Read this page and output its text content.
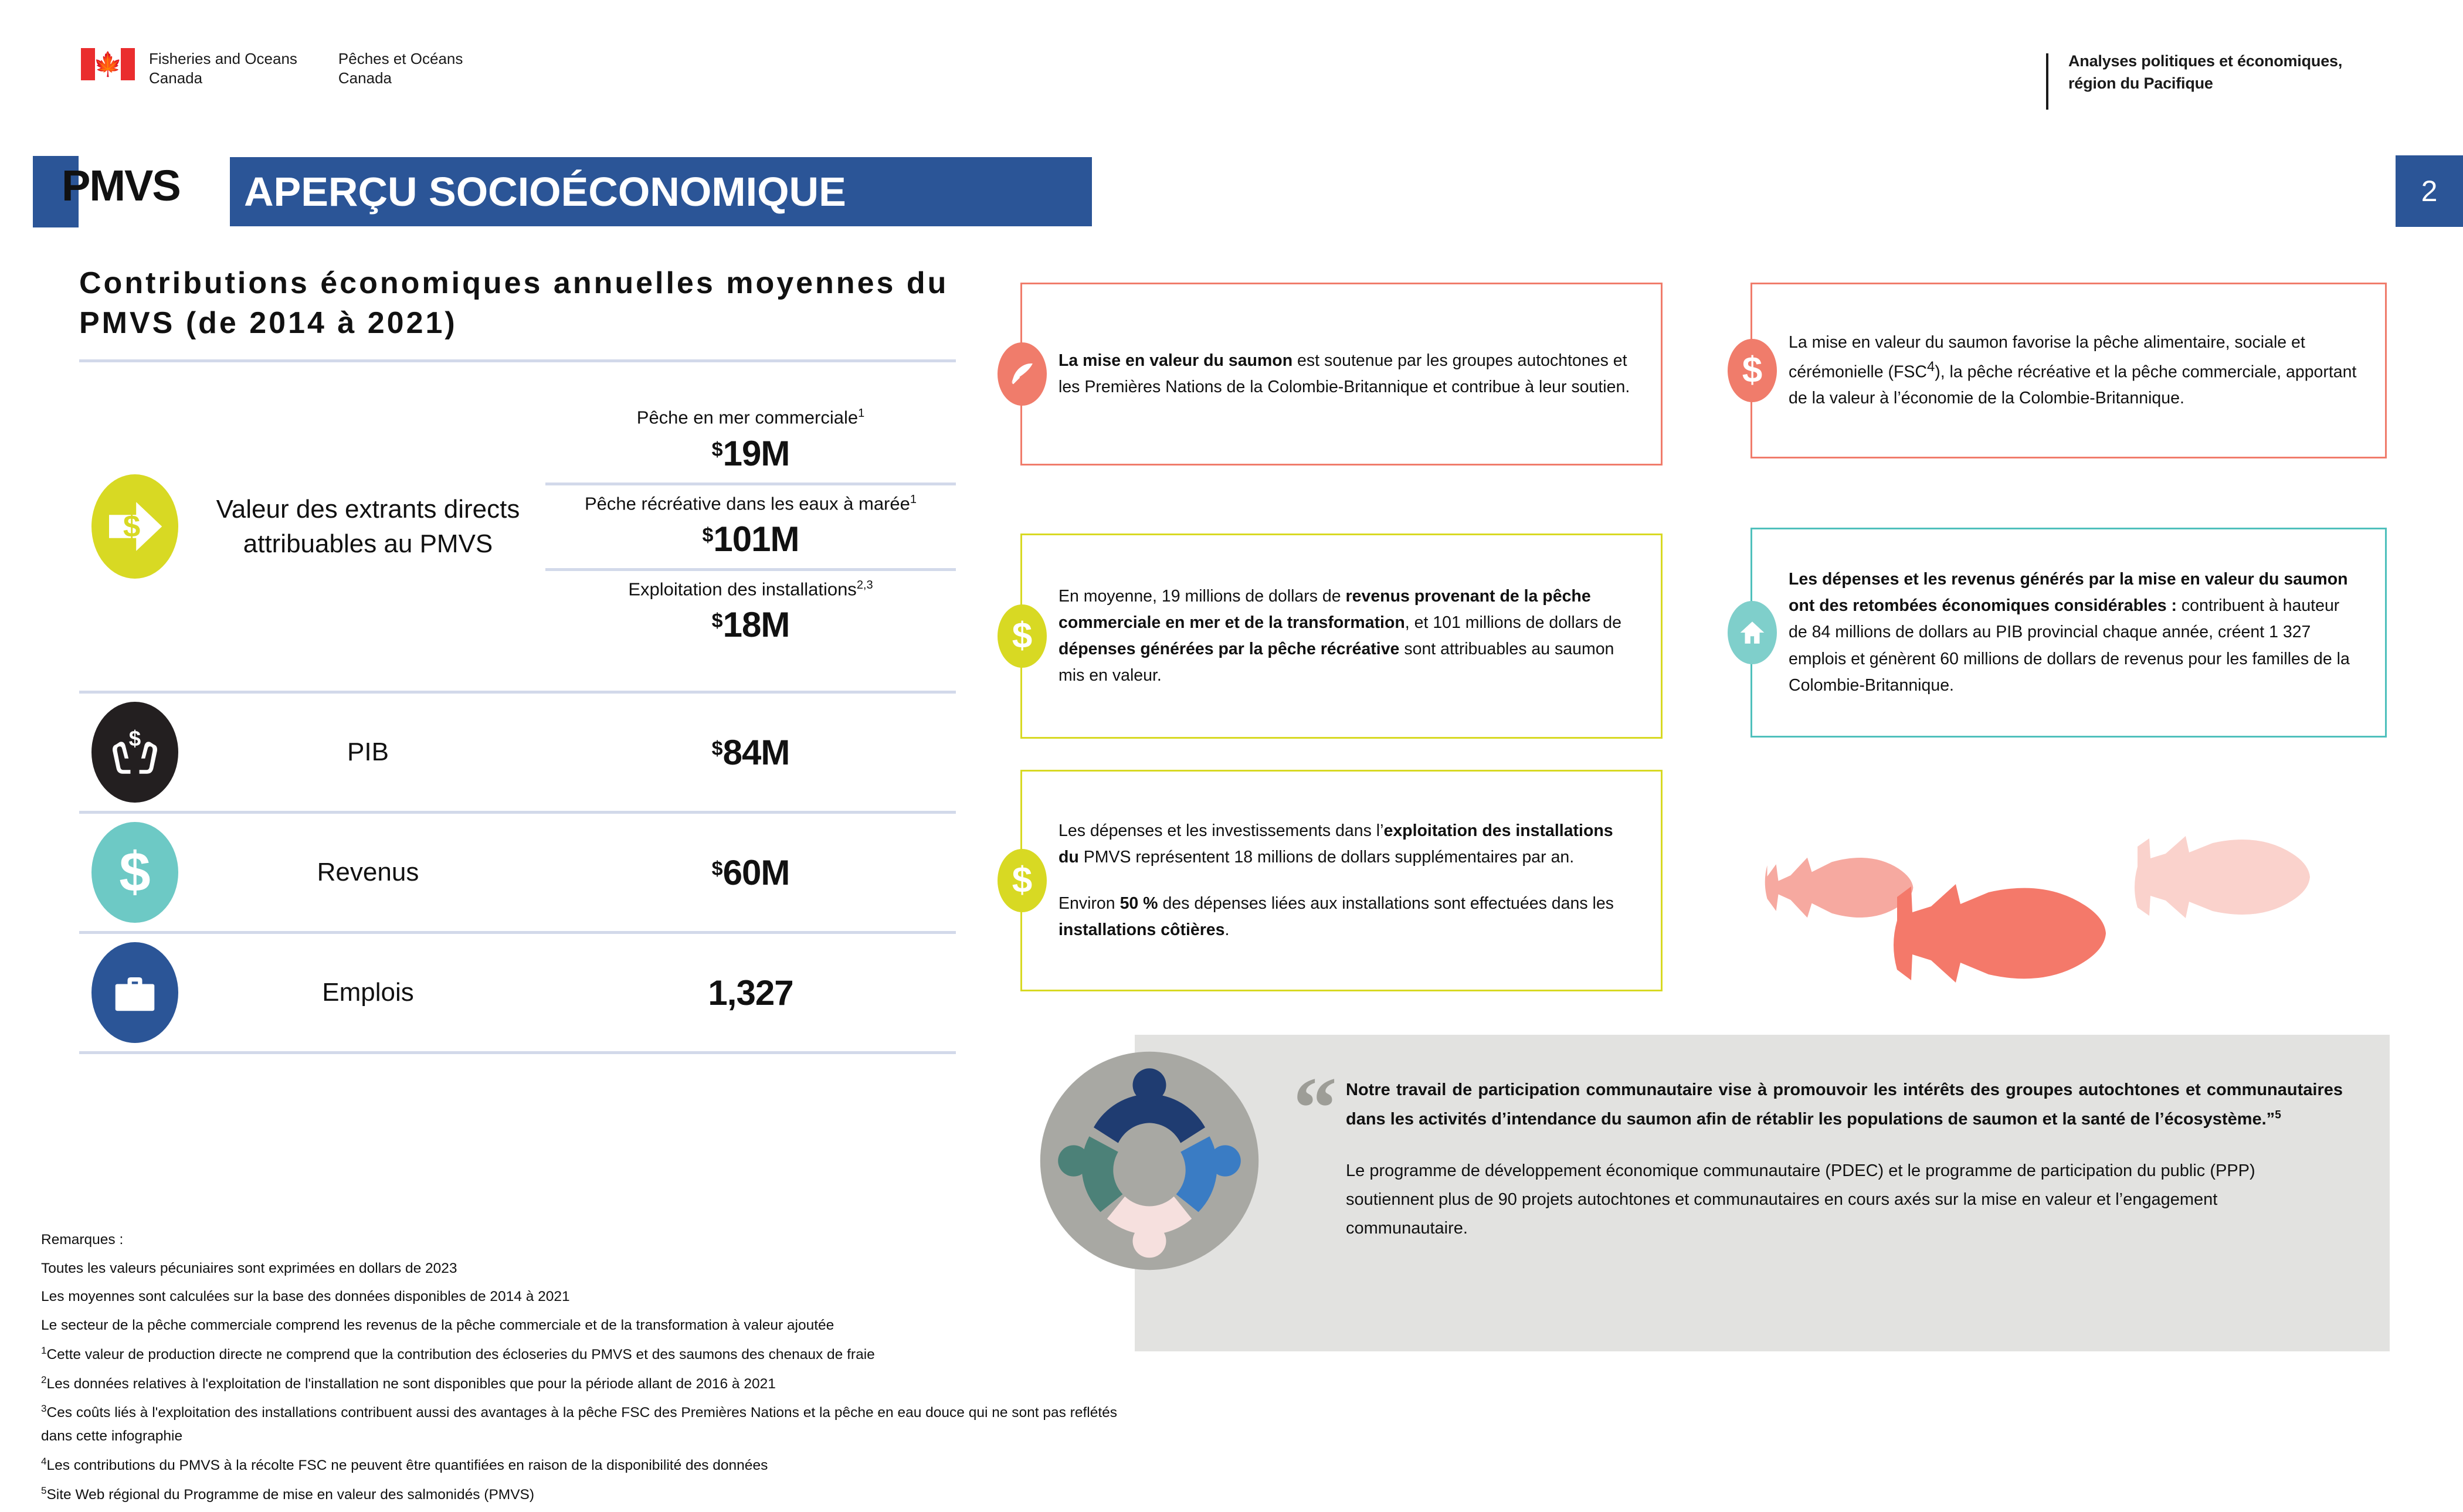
🍁 Fisheries and Oceans
Canada
Pêches et Océans
Canada
Analyses politiques et économiques, région du Pacifique
2
PMVS	APERÇU SOCIOÉCONOMIQUE
Contributions économiques annuelles moyennes du PMVS (de 2014 à 2021)
$
Valeur des extrants directs attribuables au PMVS
Pêche en mer commerciale$^1$
$19M
Pêche récréative dans les eaux à marée$^1$
$101M
Exploitation des installations$^{2,3}$
$18M
$	PIB	$84M
$	Revenus	$60M
Emplois	1,327
Remarques :
Toutes les valeurs pécuniaires sont exprimées en dollars de 2023
Les moyennes sont calculées sur la base des données disponibles de 2014 à 2021
Le secteur de la pêche commerciale comprend les revenus de la pêche commerciale et de la transformation à valeur ajoutée
$^1$Cette valeur de production directe ne comprend que la contribution des écloseries du PMVS et des saumons des chenaux de fraie
$^2$Les données relatives à l'exploitation de l'installation ne sont disponibles que pour la période allant de 2016 à 2021
$^3$Ces coûts liés à l'exploitation des installations contribuent aussi des avantages à la pêche FSC des Premières Nations et la pêche en eau douce qui ne sont pas reflétés dans cette infographie
$^4$Les contributions du PMVS à la récolte FSC ne peuvent être quantifiées en raison de la disponibilité des données
$^5$Site Web régional du Programme de mise en valeur des salmonidés (PMVS)
La mise en valeur du saumon est soutenue par les groupes autochtones et les Premières Nations de la Colombie-Britannique et contribue à leur soutien.
$
En moyenne, 19 millions de dollars de revenus provenant de la pêche commerciale en mer et de la transformation, et 101 millions de dollars de dépenses générées par la pêche récréative sont attribuables au saumon mis en valeur.
$

Les dépenses et les investissements dans l’exploitation des installations du PMVS représentent 18 millions de dollars supplémentaires par an.

Environ 50 % des dépenses liées aux installations sont effectuées dans les installations côtières.

$
La mise en valeur du saumon favorise la pêche alimentaire, sociale et cérémonielle (FSC$^4$), la pêche récréative et la pêche commerciale, apportant de la valeur à l’économie de la Colombie-Britannique.
Les dépenses et les revenus générés par la mise en valeur du saumon ont des retombées économiques considérables : contribuent à hauteur de 84 millions de dollars au PIB provincial chaque année, créent 1 327 emplois et génèrent 60 millions de dollars de revenus pour les familles de la Colombie-Britannique.
“ Notre travail de participation communautaire vise à promouvoir les intérêts des groupes autochtones et communautaires dans les activités d’intendance du saumon afin de rétablir les populations de saumon et la santé de l’écosystème.”$^5$
Le programme de développement économique communautaire (PDEC) et le programme de participation du public (PPP) soutiennent plus de 90 projets autochtones et communautaires en cours axés sur la mise en valeur et l’engagement communautaire.
